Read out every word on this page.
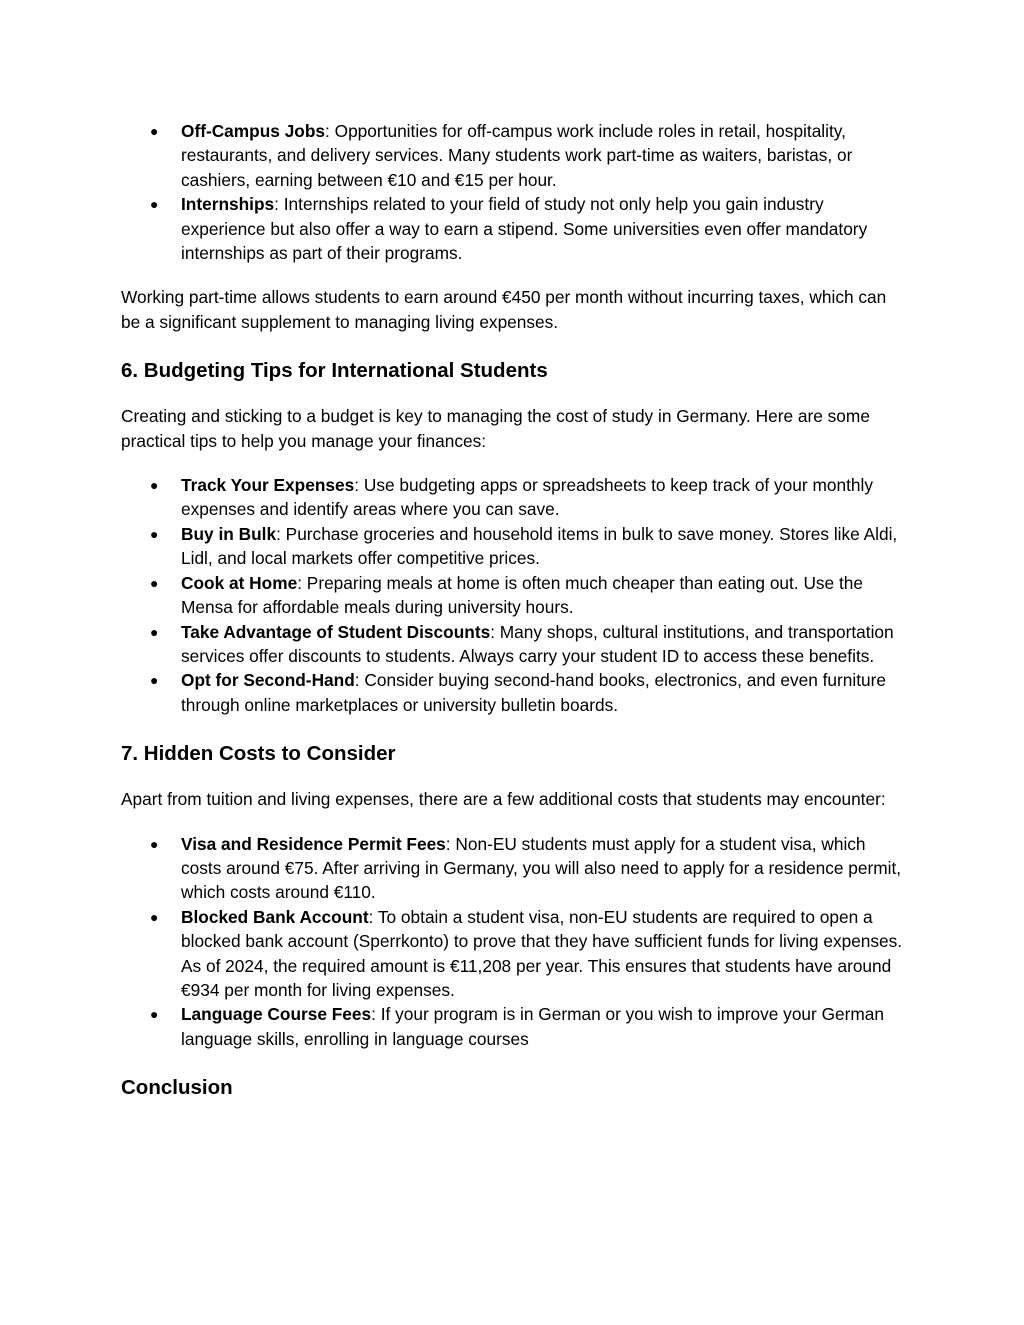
● Off-Campus Jobs: Opportunities for off-campus work include roles in retail, hospitality, restaurants, and delivery services. Many students work part-time as waiters, baristas, or cashiers, earning between €10 and €15 per hour.
● Internships: Internships related to your field of study not only help you gain industry experience but also offer a way to earn a stipend. Some universities even offer mandatory internships as part of their programs.

Working part-time allows students to earn around €450 per month without incurring taxes, which can be a significant supplement to managing living expenses.

6. Budgeting Tips for International Students

Creating and sticking to a budget is key to managing the cost of study in Germany. Here are some practical tips to help you manage your finances:

● Track Your Expenses: Use budgeting apps or spreadsheets to keep track of your monthly expenses and identify areas where you can save.
● Buy in Bulk: Purchase groceries and household items in bulk to save money. Stores like Aldi, Lidl, and local markets offer competitive prices.
● Cook at Home: Preparing meals at home is often much cheaper than eating out. Use the Mensa for affordable meals during university hours.
● Take Advantage of Student Discounts: Many shops, cultural institutions, and transportation services offer discounts to students. Always carry your student ID to access these benefits.
● Opt for Second-Hand: Consider buying second-hand books, electronics, and even furniture through online marketplaces or university bulletin boards.
7. Hidden Costs to Consider

Apart from tuition and living expenses, there are a few additional costs that students may encounter:

● Visa and Residence Permit Fees: Non-EU students must apply for a student visa, which costs around €75. After arriving in Germany, you will also need to apply for a residence permit, which costs around €110.
● Blocked Bank Account: To obtain a student visa, non-EU students are required to open a blocked bank account (Sperrkonto) to prove that they have sufficient funds for living expenses. As of 2024, the required amount is €11,208 per year. This ensures that students have around €934 per month for living expenses.
● Language Course Fees: If your program is in German or you wish to improve your German language skills, enrolling in language courses
Conclusion
